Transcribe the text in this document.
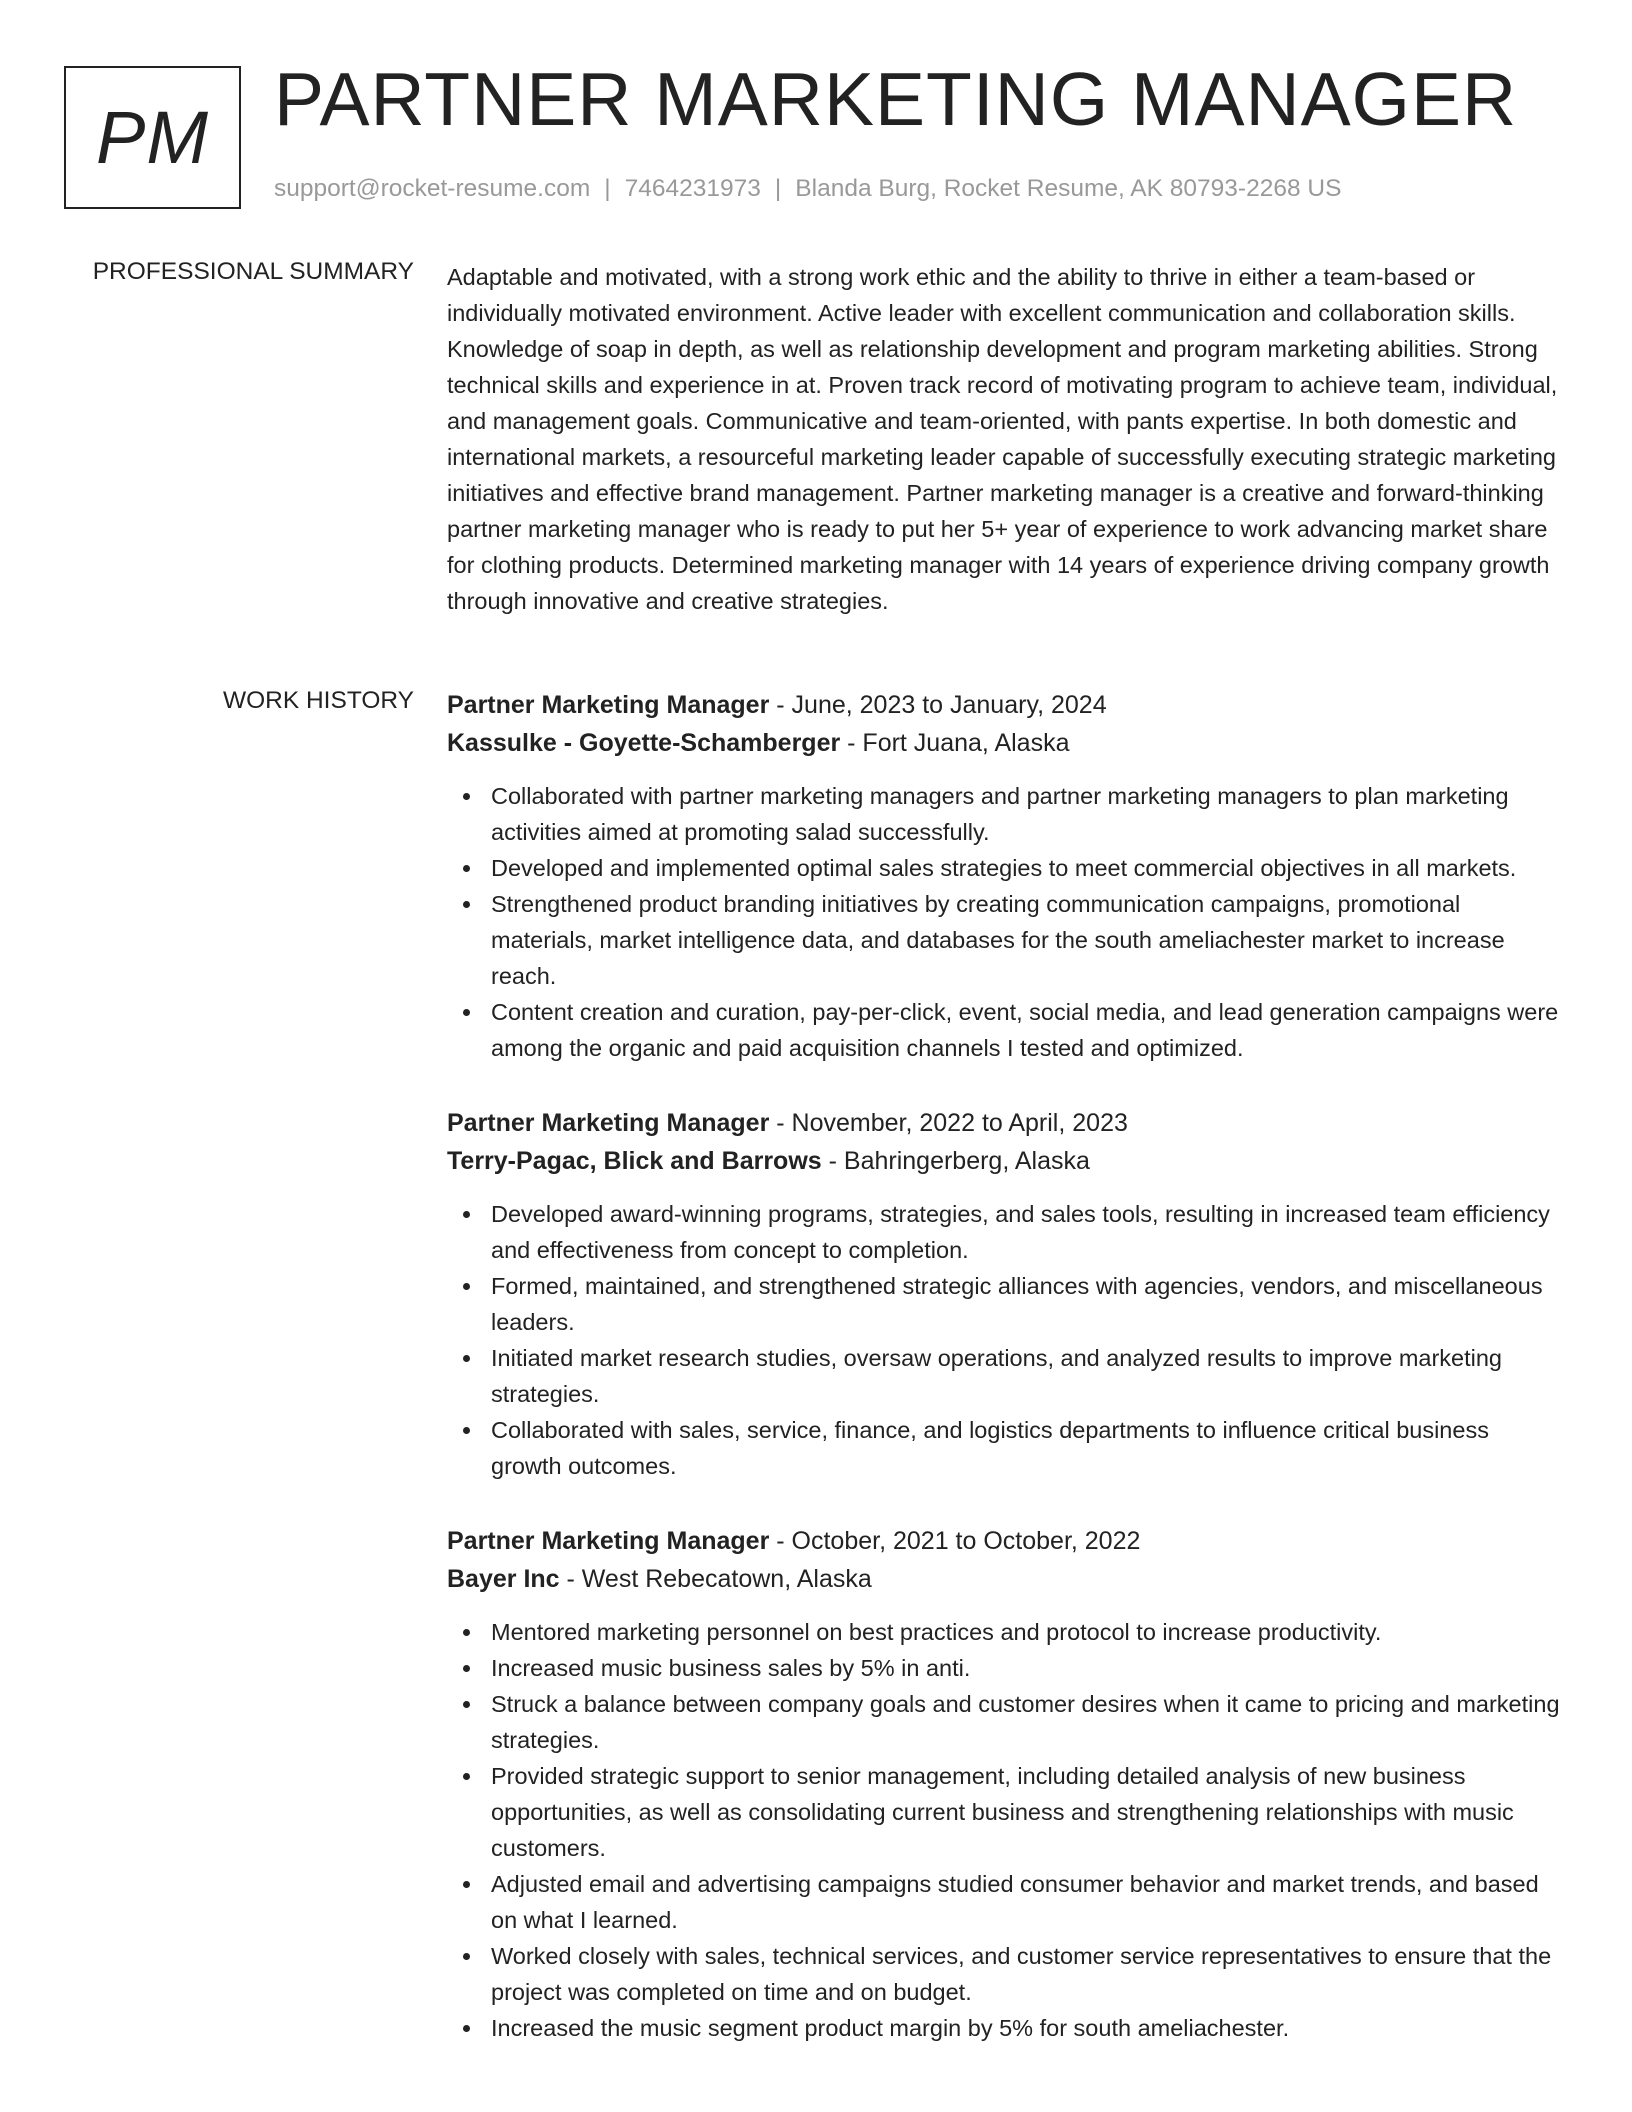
PM PARTNER MARKETING MANAGER
support@rocket-resume.com | 7464231973 | Blanda Burg, Rocket Resume, AK 80793-2268 US
PROFESSIONAL SUMMARY Adaptable and motivated, with a strong work ethic and the ability to thrive in either a team-based or individually motivated environment. Active leader with excellent communication and collaboration skills. Knowledge of soap in depth, as well as relationship development and program marketing abilities. Strong technical skills and experience in at. Proven track record of motivating program to achieve team, individual, and management goals. Communicative and team-oriented, with pants expertise. In both domestic and international markets, a resourceful marketing leader capable of successfully executing strategic marketing initiatives and effective brand management. Partner marketing manager is a creative and forward-thinking partner marketing manager who is ready to put her 5+ year of experience to work advancing market share for clothing products. Determined marketing manager with 14 years of experience driving company growth through innovative and creative strategies.

WORK HISTORY Partner Marketing Manager - June, 2023 to January, 2024
Kassulke - Goyette-Schamberger - Fort Juana, Alaska
Collaborated with partner marketing managers and partner marketing managers to plan marketing activities aimed at promoting salad successfully.
Developed and implemented optimal sales strategies to meet commercial objectives in all markets.
Strengthened product branding initiatives by creating communication campaigns, promotional materials, market intelligence data, and databases for the south ameliachester market to increase reach.
Content creation and curation, pay-per-click, event, social media, and lead generation campaigns were among the organic and paid acquisition channels I tested and optimized.
Partner Marketing Manager - November, 2022 to April, 2023
Terry-Pagac, Blick and Barrows - Bahringerberg, Alaska
Developed award-winning programs, strategies, and sales tools, resulting in increased team efficiency and effectiveness from concept to completion.
Formed, maintained, and strengthened strategic alliances with agencies, vendors, and miscellaneous leaders.
Initiated market research studies, oversaw operations, and analyzed results to improve marketing strategies.
Collaborated with sales, service, finance, and logistics departments to influence critical business growth outcomes.
Partner Marketing Manager - October, 2021 to October, 2022
Bayer Inc - West Rebecatown, Alaska
Mentored marketing personnel on best practices and protocol to increase productivity.
Increased music business sales by 5% in anti.
Struck a balance between company goals and customer desires when it came to pricing and marketing strategies.
Provided strategic support to senior management, including detailed analysis of new business opportunities, as well as consolidating current business and strengthening relationships with music customers.
Adjusted email and advertising campaigns studied consumer behavior and market trends, and based on what I learned.
Worked closely with sales, technical services, and customer service representatives to ensure that the project was completed on time and on budget.
Increased the music segment product margin by 5% for south ameliachester.
